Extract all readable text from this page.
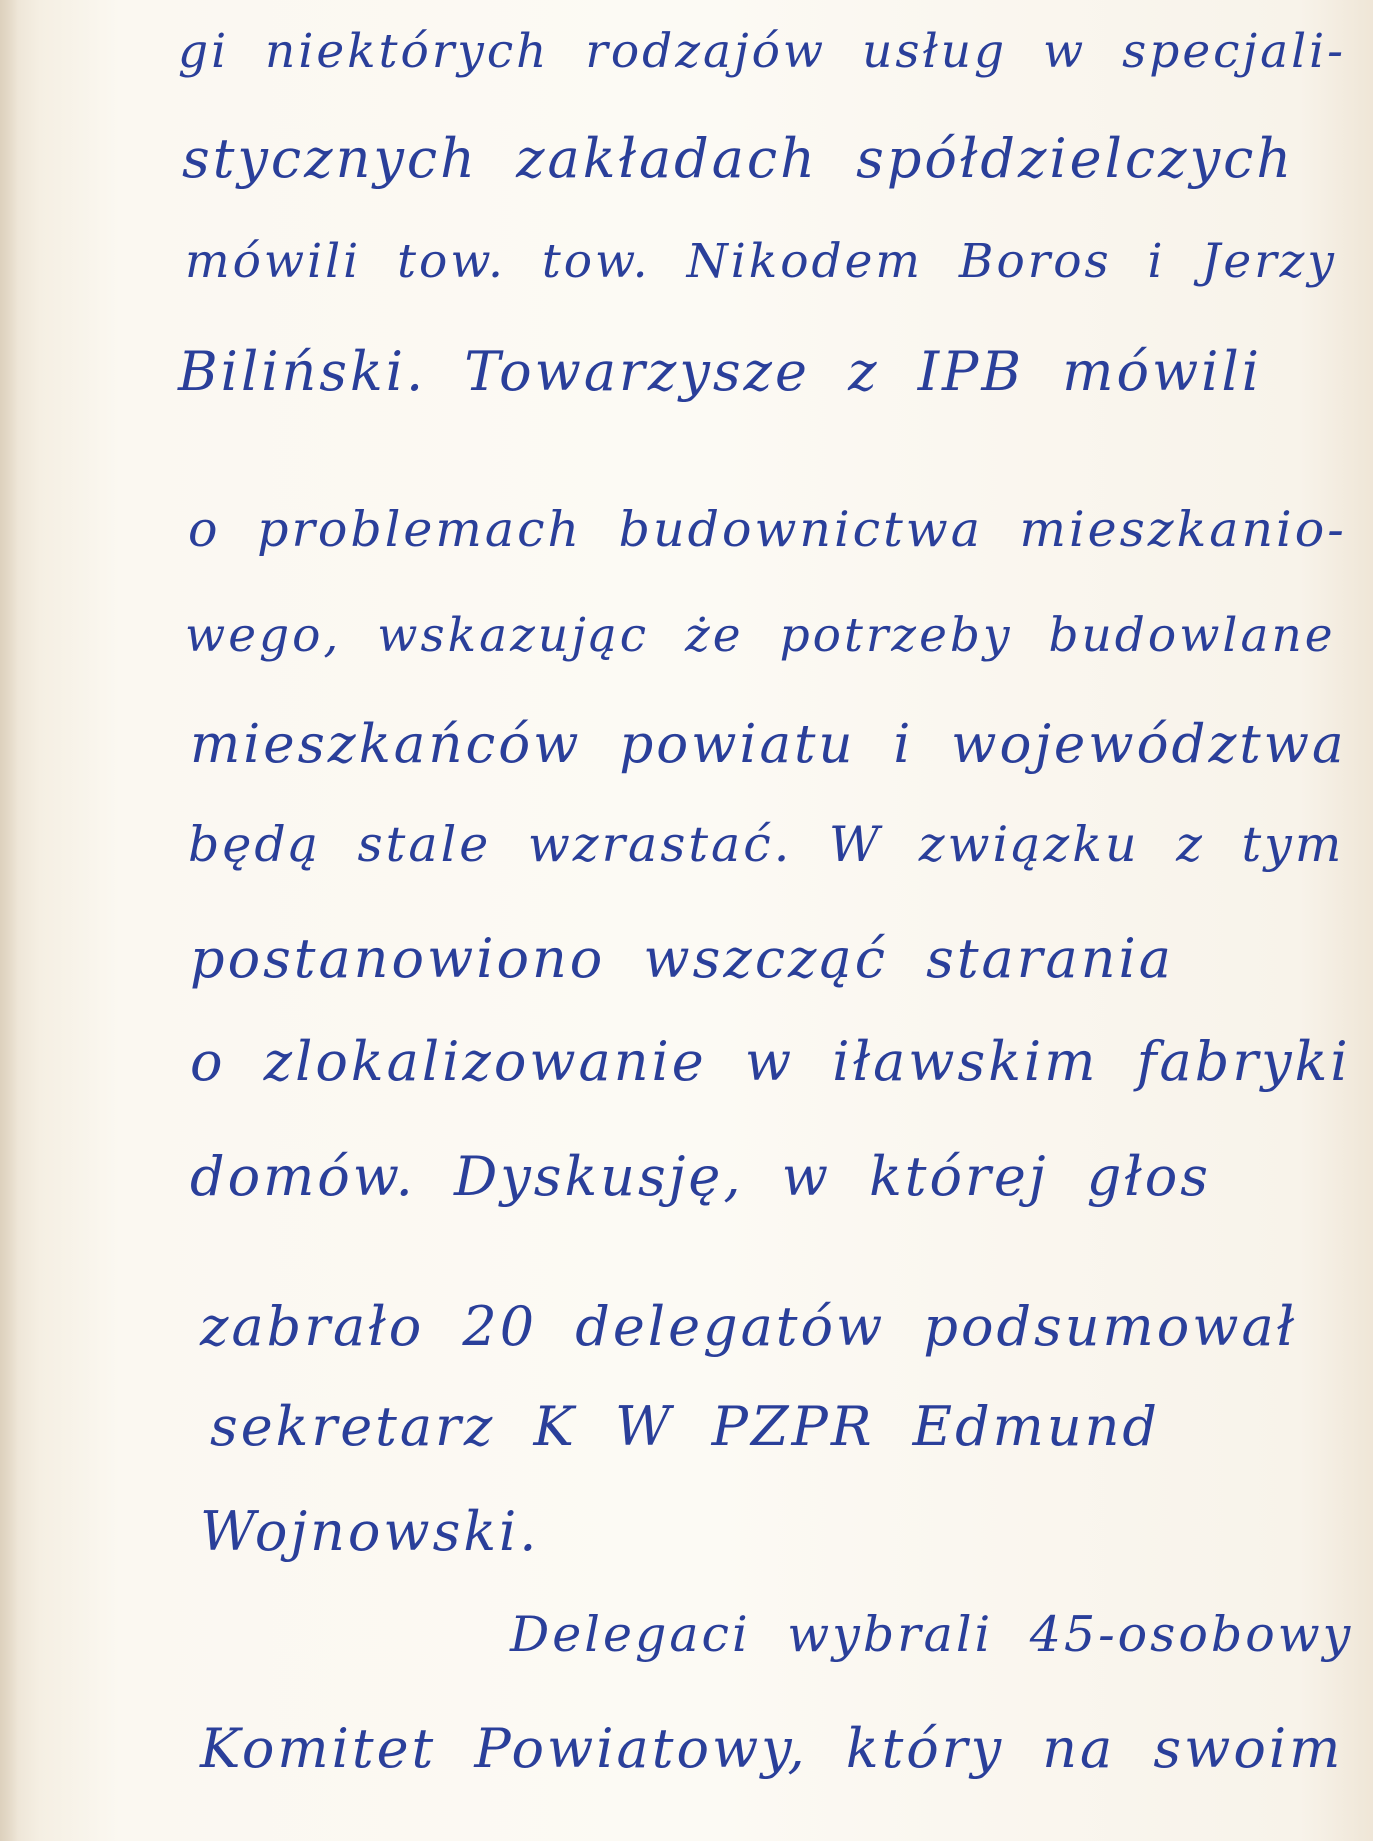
gi niektórych rodzajów usług w specjali-
stycznych zakładach spółdzielczych
mówili tow. tow. Nikodem Boros i Jerzy
Biliński. Towarzysze z IPB mówili
o problemach budownictwa mieszkanio-
wego, wskazując że potrzeby budowlane
mieszkańców powiatu i województwa
będą stale wzrastać. W związku z tym
postanowiono wszcząć starania
o zlokalizowanie w iławskim fabryki
domów. Dyskusję, w której głos
zabrało 20 delegatów podsumował
sekretarz K W PZPR Edmund
Wojnowski.
Delegaci wybrali 45-osobowy
Komitet Powiatowy, który na swoim
